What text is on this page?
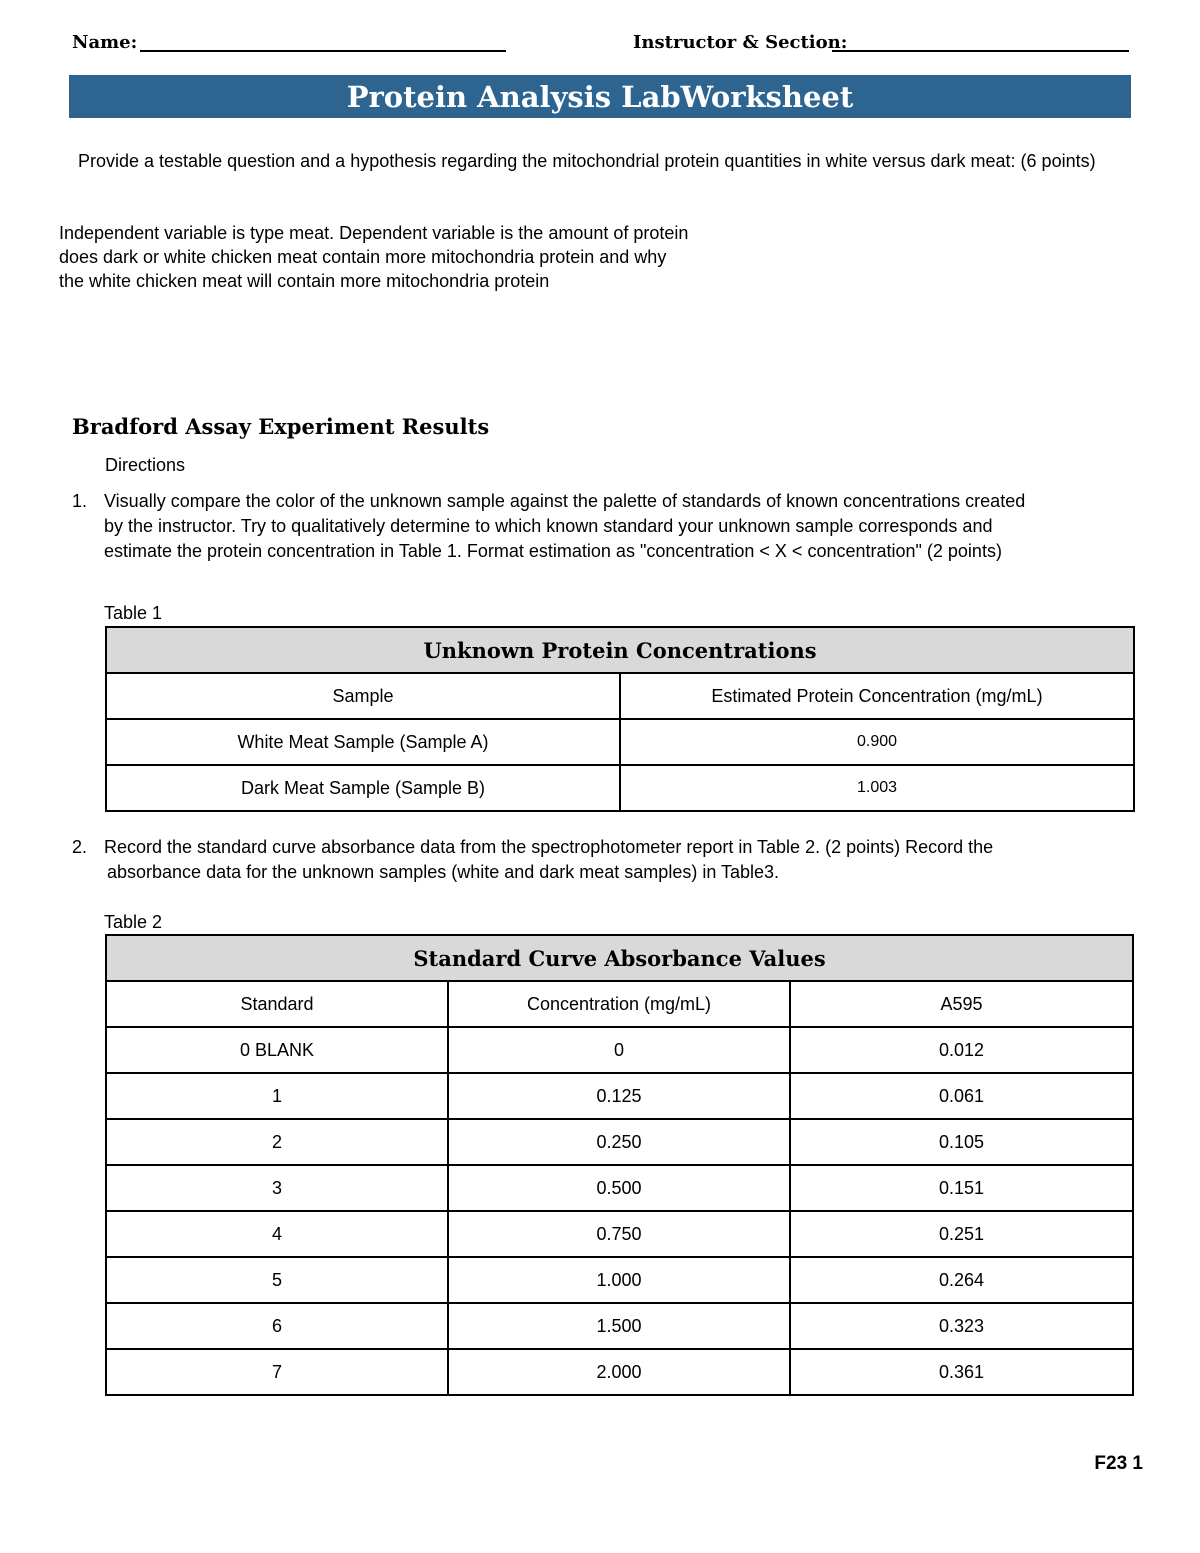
Name:	Instructor & Section:
Protein Analysis LabWorksheet
Provide a testable question and a hypothesis regarding the mitochondrial protein quantities in white versus dark meat: (6 points)
Independent variable is type meat. Dependent variable is the amount of protein
does dark or white chicken meat contain more mitochondria protein and why
the white chicken meat will contain more mitochondria protein
Bradford Assay Experiment Results
Directions
1. Visually compare the color of the unknown sample against the palette of standards of known concentrations created
by the instructor. Try to qualitatively determine to which known standard your unknown sample corresponds and
estimate the protein concentration in Table 1. Format estimation as "concentration < X < concentration" (2 points)
Table 1
Unknown Protein Concentrations	
Sample	Estimated Protein Concentration (mg/mL)
White Meat Sample (Sample A)	0.900
Dark Meat Sample (Sample B)	1.003
2. Record the standard curve absorbance data from the spectrophotometer report in Table 2. (2 points) Record the
absorbance data for the unknown samples (white and dark meat samples) in Table3.
Table 2
Standard Curve Absorbance Values		
Standard	Concentration (mg/mL)	A595
0 BLANK	0	0.012
1	0.125	0.061
2	0.250	0.105
3	0.500	0.151
4	0.750	0.251
5	1.000	0.264
6	1.500	0.323
7	2.000	0.361
F23 1
